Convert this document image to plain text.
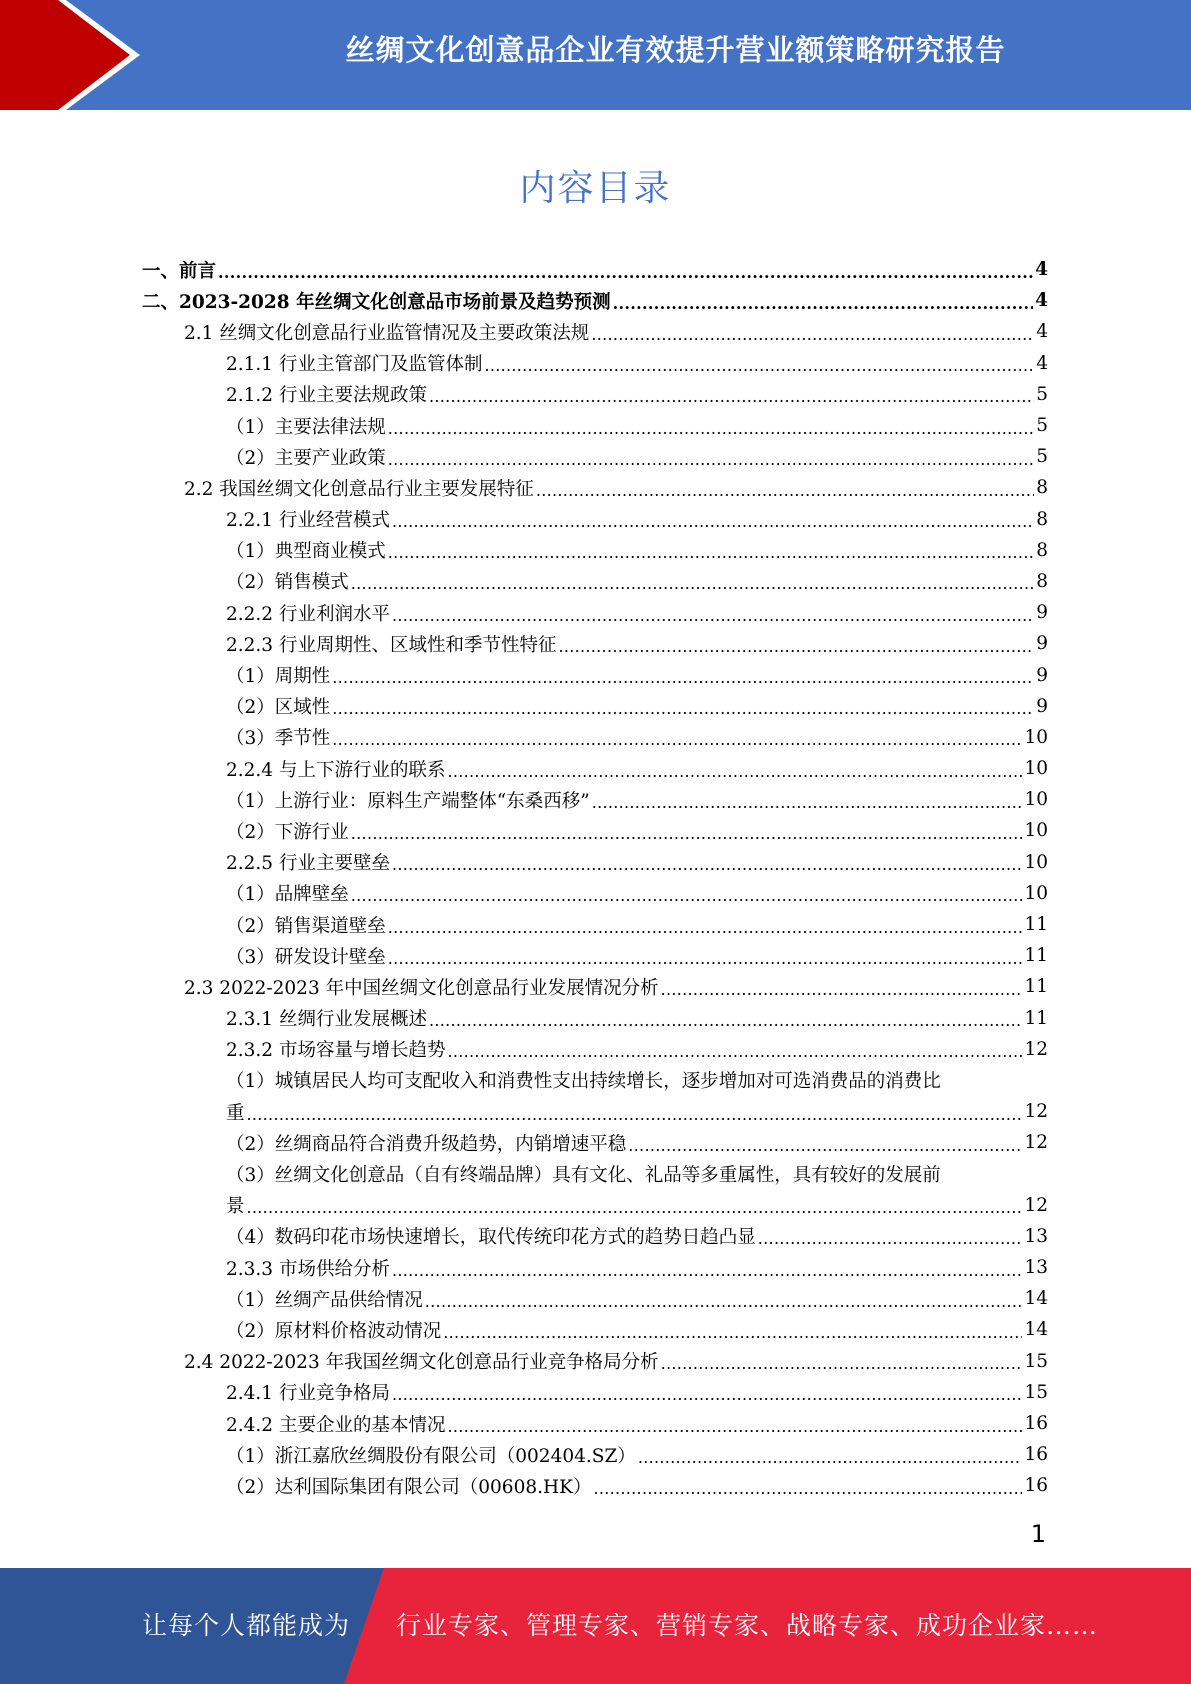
丝绸文化创意品企业有效提升营业额策略研究报告
内容目录
一、前言 .....	4
二、2023-2028 年丝绸文化创意品市场前景及趋势预测 .....	4
2.1 丝绸文化创意品行业监管情况及主要政策法规 .....	4
2.1.1 行业主管部门及监管体制 .....	4
2.1.2 行业主要法规政策 .....	5
（1）主要法律法规 .....	5
（2）主要产业政策 .....	5
2.2 我国丝绸文化创意品行业主要发展特征 .....	8
2.2.1 行业经营模式 .....	8
（1）典型商业模式 .....	8
（2）销售模式 .....	8
2.2.2 行业利润水平 .....	9
2.2.3 行业周期性、区域性和季节性特征 .....	9
（1）周期性 .....	9
（2）区域性 .....	9
（3）季节性 .....	10
2.2.4 与上下游行业的联系 .....	10
（1）上游行业：原料生产端整体“东桑西移” .....	10
（2）下游行业 .....	10
2.2.5 行业主要壁垒 .....	10
（1）品牌壁垒 .....	10
（2）销售渠道壁垒 .....	11
（3）研发设计壁垒 .....	11
2.3 2022-2023 年中国丝绸文化创意品行业发展情况分析 .....	11
2.3.1 丝绸行业发展概述 .....	11
2.3.2 市场容量与增长趋势 .....	12
（1）城镇居民人均可支配收入和消费性支出持续增长，逐步增加对可选消费品的消费比
重 .....	12
（2）丝绸商品符合消费升级趋势，内销增速平稳 .....	12
（3）丝绸文化创意品（自有终端品牌）具有文化、礼品等多重属性，具有较好的发展前
景 .....	12
（4）数码印花市场快速增长，取代传统印花方式的趋势日趋凸显 .....	13
2.3.3 市场供给分析 .....	13
（1）丝绸产品供给情况 .....	14
（2）原材料价格波动情况 .....	14
2.4 2022-2023 年我国丝绸文化创意品行业竞争格局分析 .....	15
2.4.1 行业竞争格局 .....	15
2.4.2 主要企业的基本情况 .....	16
（1）浙江嘉欣丝绸股份有限公司（002404.SZ） .....	16
（2）达利国际集团有限公司（00608.HK） .....	16
1
让每个人都能成为 行业专家、管理专家、营销专家、战略专家、成功企业家……
